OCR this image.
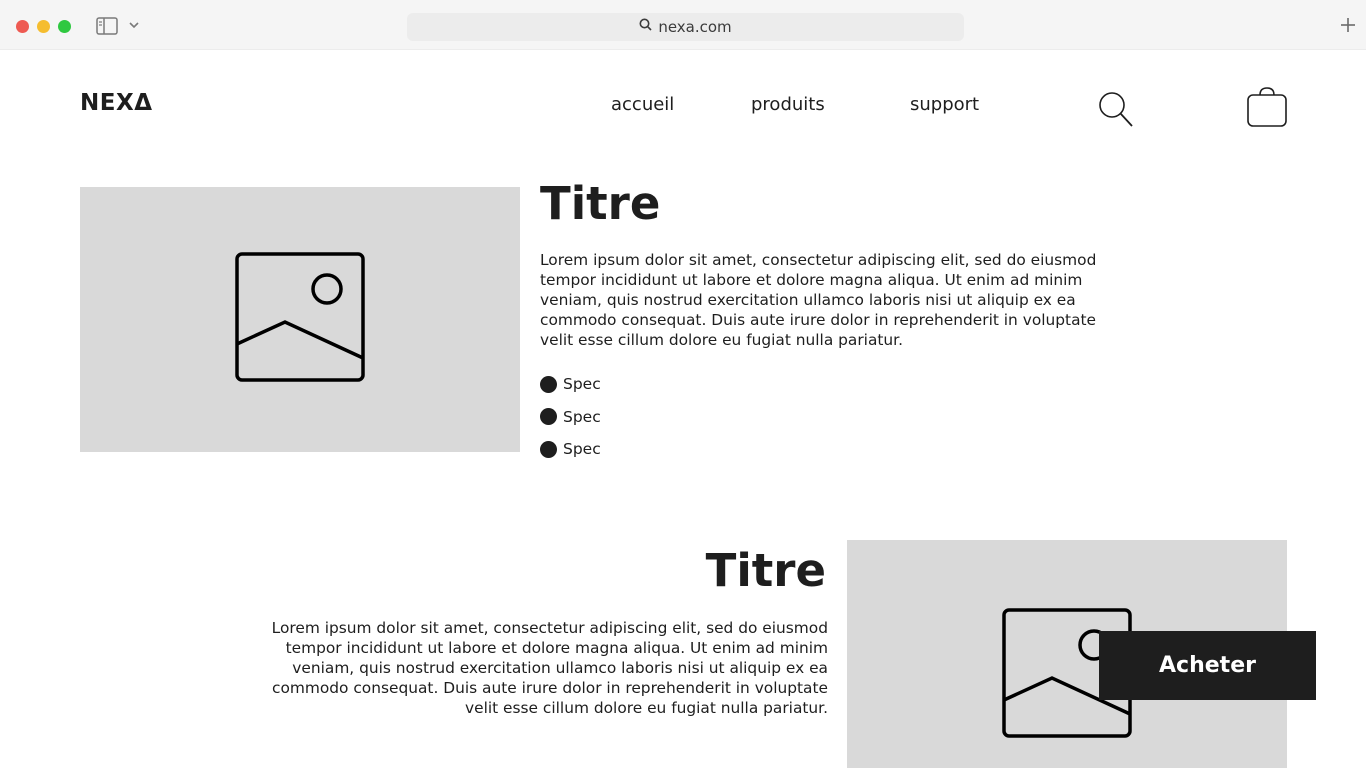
nexa.com
NEXΔ	accueil	produits	support
Titre

Lorem ipsum dolor sit amet, consectetur adipiscing elit, sed do eiusmod tempor incididunt ut labore et dolore magna aliqua. Ut enim ad minim veniam, quis nostrud exercitation ullamco laboris nisi ut aliquip ex ea commodo consequat. Duis aute irure dolor in reprehenderit in voluptate velit esse cillum dolore eu fugiat nulla pariatur.

Spec
Spec
Spec
Titre

Lorem ipsum dolor sit amet, consectetur adipiscing elit, sed do eiusmod tempor incididunt ut labore et dolore magna aliqua. Ut enim ad minim veniam, quis nostrud exercitation ullamco laboris nisi ut aliquip ex ea commodo consequat. Duis aute irure dolor in reprehenderit in voluptate velit esse cillum dolore eu fugiat nulla pariatur.

Acheter
